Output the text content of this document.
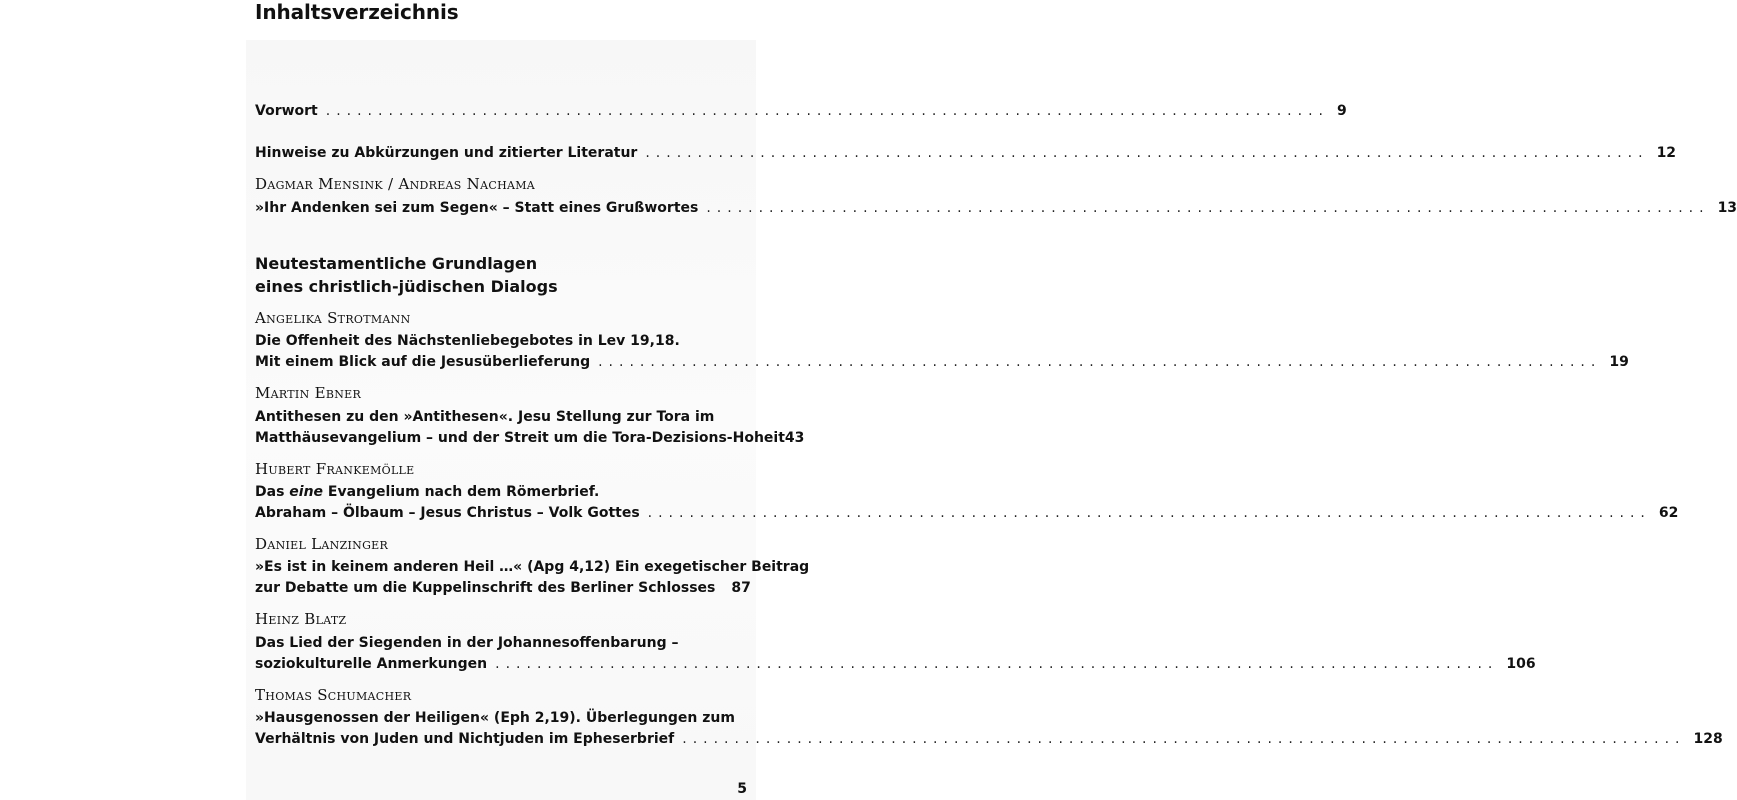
Inhaltsverzeichnis
Vorwort ................................................................................................ 9
Hinweise zu Abkürzungen und zitierter Literatur ................................................................................................ 12
Dagmar Mensink / Andreas Nachama
»Ihr Andenken sei zum Segen« – Statt eines Grußwortes ................................................................................................ 13
Neutestamentliche Grundlagen
eines christlich-jüdischen Dialogs
Angelika Strotmann
Die Offenheit des Nächstenliebegebotes in Lev 19,18.
Mit einem Blick auf die Jesusüberlieferung ................................................................................................ 19
Martin Ebner
Antithesen zu den »Antithesen«. Jesu Stellung zur Tora im
Matthäusevangelium – und der Streit um die Tora-Dezisions-Hoheit 43
Hubert Frankemölle
Das eine Evangelium nach dem Römerbrief.
Abraham – Ölbaum – Jesus Christus – Volk Gottes ................................................................................................ 62
Daniel Lanzinger
»Es ist in keinem anderen Heil …« (Apg 4,12) Ein exegetischer Beitrag
zur Debatte um die Kuppelinschrift des Berliner Schlosses 87
Heinz Blatz
Das Lied der Siegenden in der Johannesoffenbarung –
soziokulturelle Anmerkungen ................................................................................................ 106
Thomas Schumacher
»Hausgenossen der Heiligen« (Eph 2,19). Überlegungen zum
Verhältnis von Juden und Nichtjuden im Epheserbrief ................................................................................................ 128
5
